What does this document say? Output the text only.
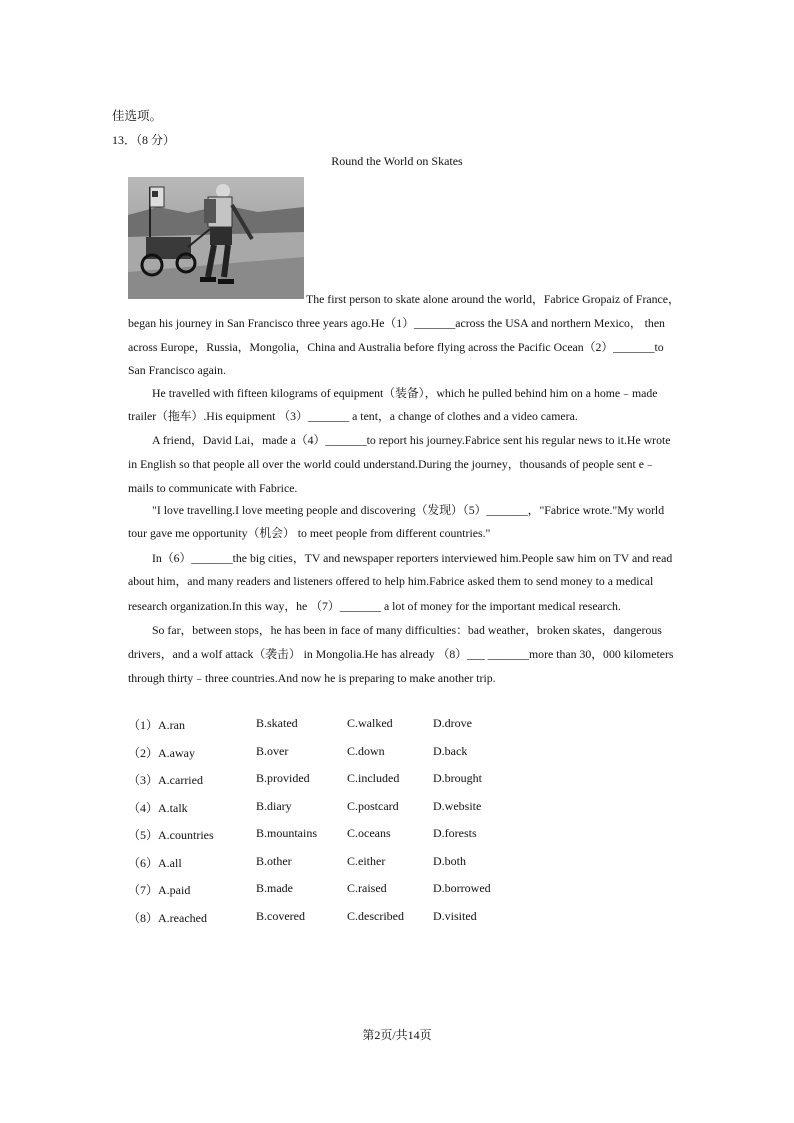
佳选项。
13．（8 分）
Round the World on Skates
The first person to skate alone around the world，Fabrice Gropaiz of France，
began his journey in San Francisco three years ago.He（1）_______across the USA and northern Mexico， then
across Europe，Russia，Mongolia，China and Australia before flying across the Pacific Ocean（2）_______to
San Francisco again.
He travelled with fifteen kilograms of equipment（装备），which he pulled behind him on a home﹣made
trailer（拖车）.His equipment （3）_______ a tent，a change of clothes and a video camera.
A friend，David Lai，made a（4）_______to report his journey.Fabrice sent his regular news to it.He wrote
in English so that people all over the world could understand.During the journey，thousands of people sent e﹣
mails to communicate with Fabrice.
"I love travelling.I love meeting people and discovering（发现）（5）_______，"Fabrice wrote."My world
tour gave me opportunity（机会） to meet people from different countries."
In（6）_______the big cities，TV and newspaper reporters interviewed him.People saw him on TV and read
about him，and many readers and listeners offered to help him.Fabrice asked them to send money to a medical
research organization.In this way，he （7）_______ a lot of money for the important medical research.
So far，between stops，he has been in face of many difficulties：bad weather，broken skates，dangerous
drivers，and a wolf attack（袭击） in Mongolia.He has already （8）___ _______more than 30，000 kilometers
through thirty﹣three countries.And now he is preparing to make another trip.
（1）A.ran	B.skated	C.walked	D.drove
（2）A.away	B.over	C.down	D.back
（3）A.carried	B.provided	C.included	D.brought
（4）A.talk	B.diary	C.postcard	D.website
（5）A.countries	B.mountains C.oceans	D.forests
（6）A.all	B.other	C.either	D.both
（7）A.paid	B.made	C.raised	D.borrowed
（8）A.reached	B.covered	C.described D.visited
第2页/共14页
